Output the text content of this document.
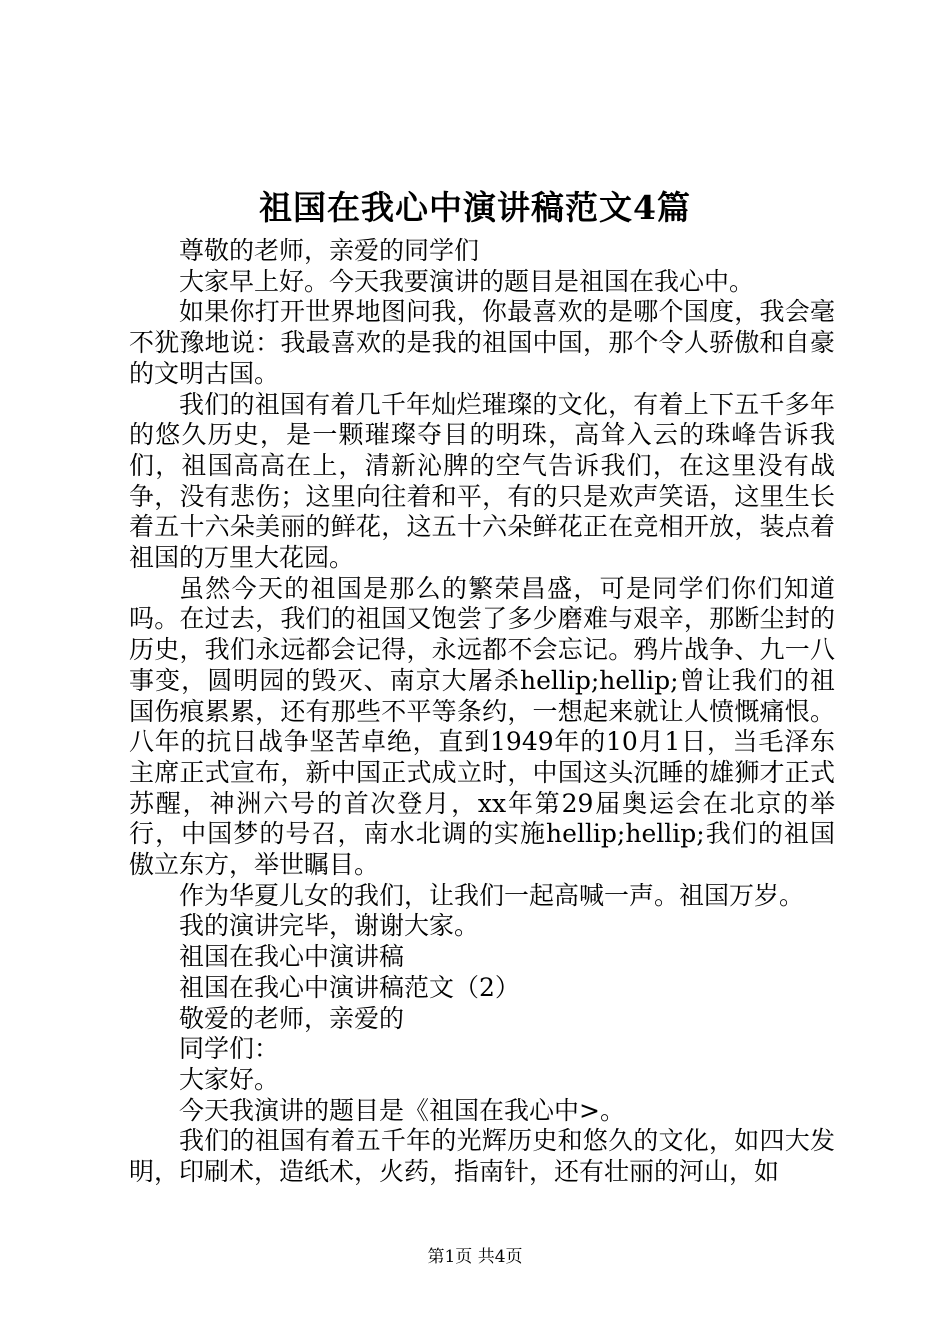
祖国在我心中演讲稿范文4篇

尊敬的老师，亲爱的同学们

大家早上好。今天我要演讲的题目是祖国在我心中。

如果你打开世界地图问我，你最喜欢的是哪个国度，我会毫不犹豫地说：我最喜欢的是我的祖国中国，那个令人骄傲和自豪的文明古国。

我们的祖国有着几千年灿烂璀璨的文化，有着上下五千多年的悠久历史，是一颗璀璨夺目的明珠，高耸入云的珠峰告诉我们，祖国高高在上，清新沁脾的空气告诉我们，在这里没有战争，没有悲伤；这里向往着和平，有的只是欢声笑语，这里生长着五十六朵美丽的鲜花，这五十六朵鲜花正在竞相开放，装点着祖国的万里大花园。

虽然今天的祖国是那么的繁荣昌盛，可是同学们你们知道吗。在过去，我们的祖国又饱尝了多少磨难与艰辛，那断尘封的历史，我们永远都会记得，永远都不会忘记。鸦片战争、九一八事变，圆明园的毁灭、南京大屠杀hellip;hellip;曾让我们的祖国伤痕累累，还有那些不平等条约，一想起来就让人愤慨痛恨。八年的抗日战争坚苦卓绝，直到1949年的10月1日，当毛泽东主席正式宣布，新中国正式成立时，中国这头沉睡的雄狮才正式苏醒，神洲六号的首次登月，xx年第29届奥运会在北京的举行，中国梦的号召，南水北调的实施hellip;hellip;我们的祖国傲立东方，举世瞩目。

作为华夏儿女的我们，让我们一起高喊一声。祖国万岁。

我的演讲完毕，谢谢大家。

祖国在我心中演讲稿

祖国在我心中演讲稿范文（2）

敬爱的老师，亲爱的

同学们：

大家好。

今天我演讲的题目是《祖国在我心中>。

我们的祖国有着五千年的光辉历史和悠久的文化，如四大发明，印刷术，造纸术，火药，指南针，还有壮丽的河山，如

第1页 共4页
